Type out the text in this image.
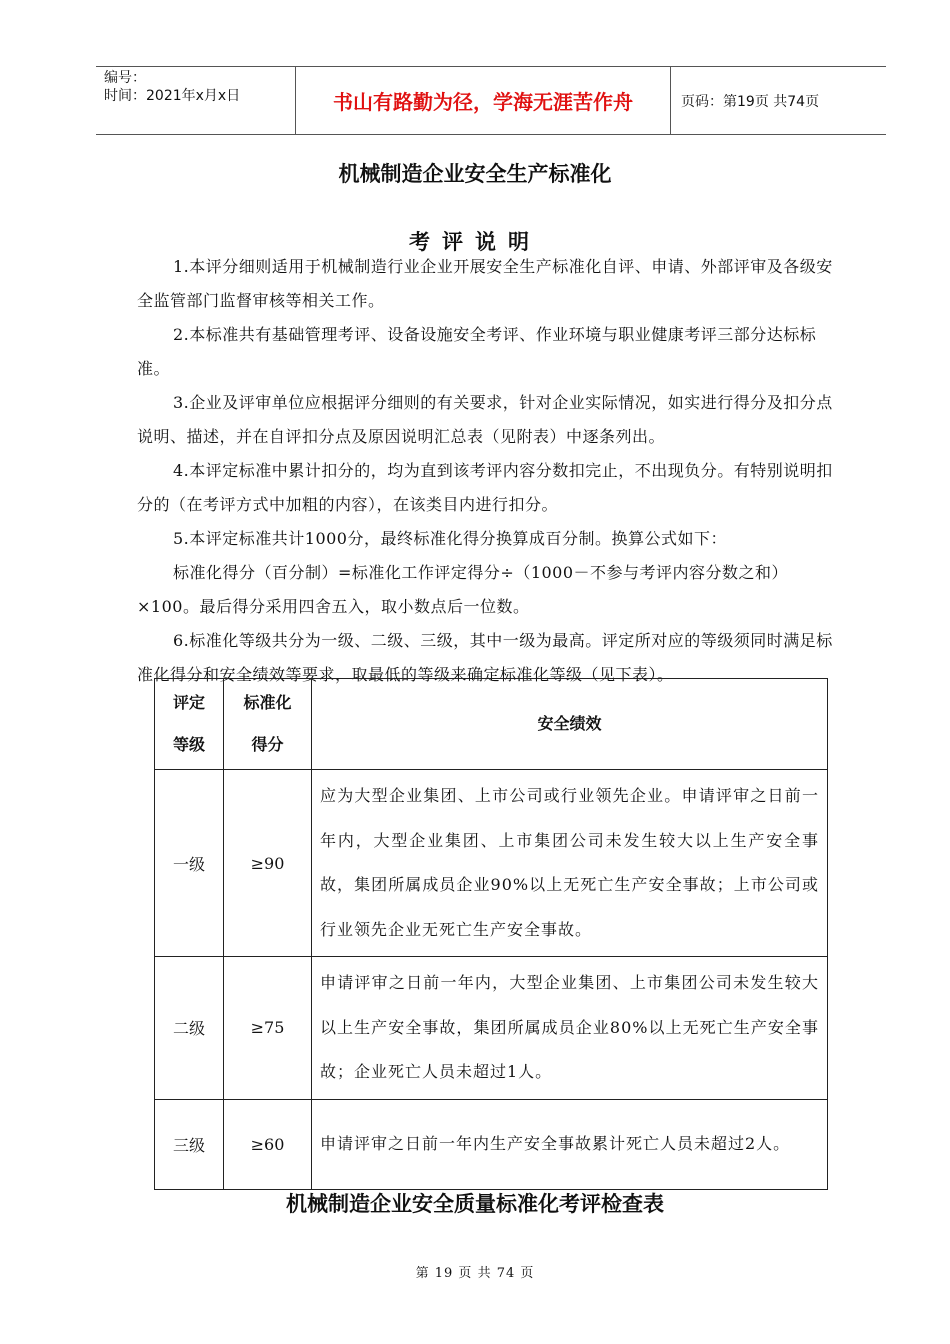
编号：
时间：2021年x月x日	书山有路勤为径，学海无涯苦作舟	页码：第19页 共74页
机械制造企业安全生产标准化
考评说明

1.本评分细则适用于机械制造行业企业开展安全生产标准化自评、申请、外部评审及各级安全监管部门监督审核等相关工作。

2.本标准共有基础管理考评、设备设施安全考评、作业环境与职业健康考评三部分达标标准。

3.企业及评审单位应根据评分细则的有关要求，针对企业实际情况，如实进行得分及扣分点说明、描述，并在自评扣分点及原因说明汇总表（见附表）中逐条列出。

4.本评定标准中累计扣分的，均为直到该考评内容分数扣完止，不出现负分。有特别说明扣分的（在考评方式中加粗的内容），在该类目内进行扣分。

5.本评定标准共计1000分，最终标准化得分换算成百分制。换算公式如下：

标准化得分（百分制）=标准化工作评定得分÷（1000－不参与考评内容分数之和）×100。最后得分采用四舍五入，取小数点后一位数。

6.标准化等级共分为一级、二级、三级，其中一级为最高。评定所对应的等级须同时满足标准化得分和安全绩效等要求，取最低的等级来确定标准化等级（见下表）。

评定等级	标准化得分	安全绩效
一级	≥90	应为大型企业集团、上市公司或行业领先企业。申请评审之日前一年内，大型企业集团、上市集团公司未发生较大以上生产安全事故，集团所属成员企业90%以上无死亡生产安全事故；上市公司或行业领先企业无死亡生产安全事故。
二级	≥75	申请评审之日前一年内，大型企业集团、上市集团公司未发生较大以上生产安全事故，集团所属成员企业80%以上无死亡生产安全事故；企业死亡人员未超过1人。
三级	≥60	申请评审之日前一年内生产安全事故累计死亡人员未超过2人。
机械制造企业安全质量标准化考评检查表
第 19 页 共 74 页
